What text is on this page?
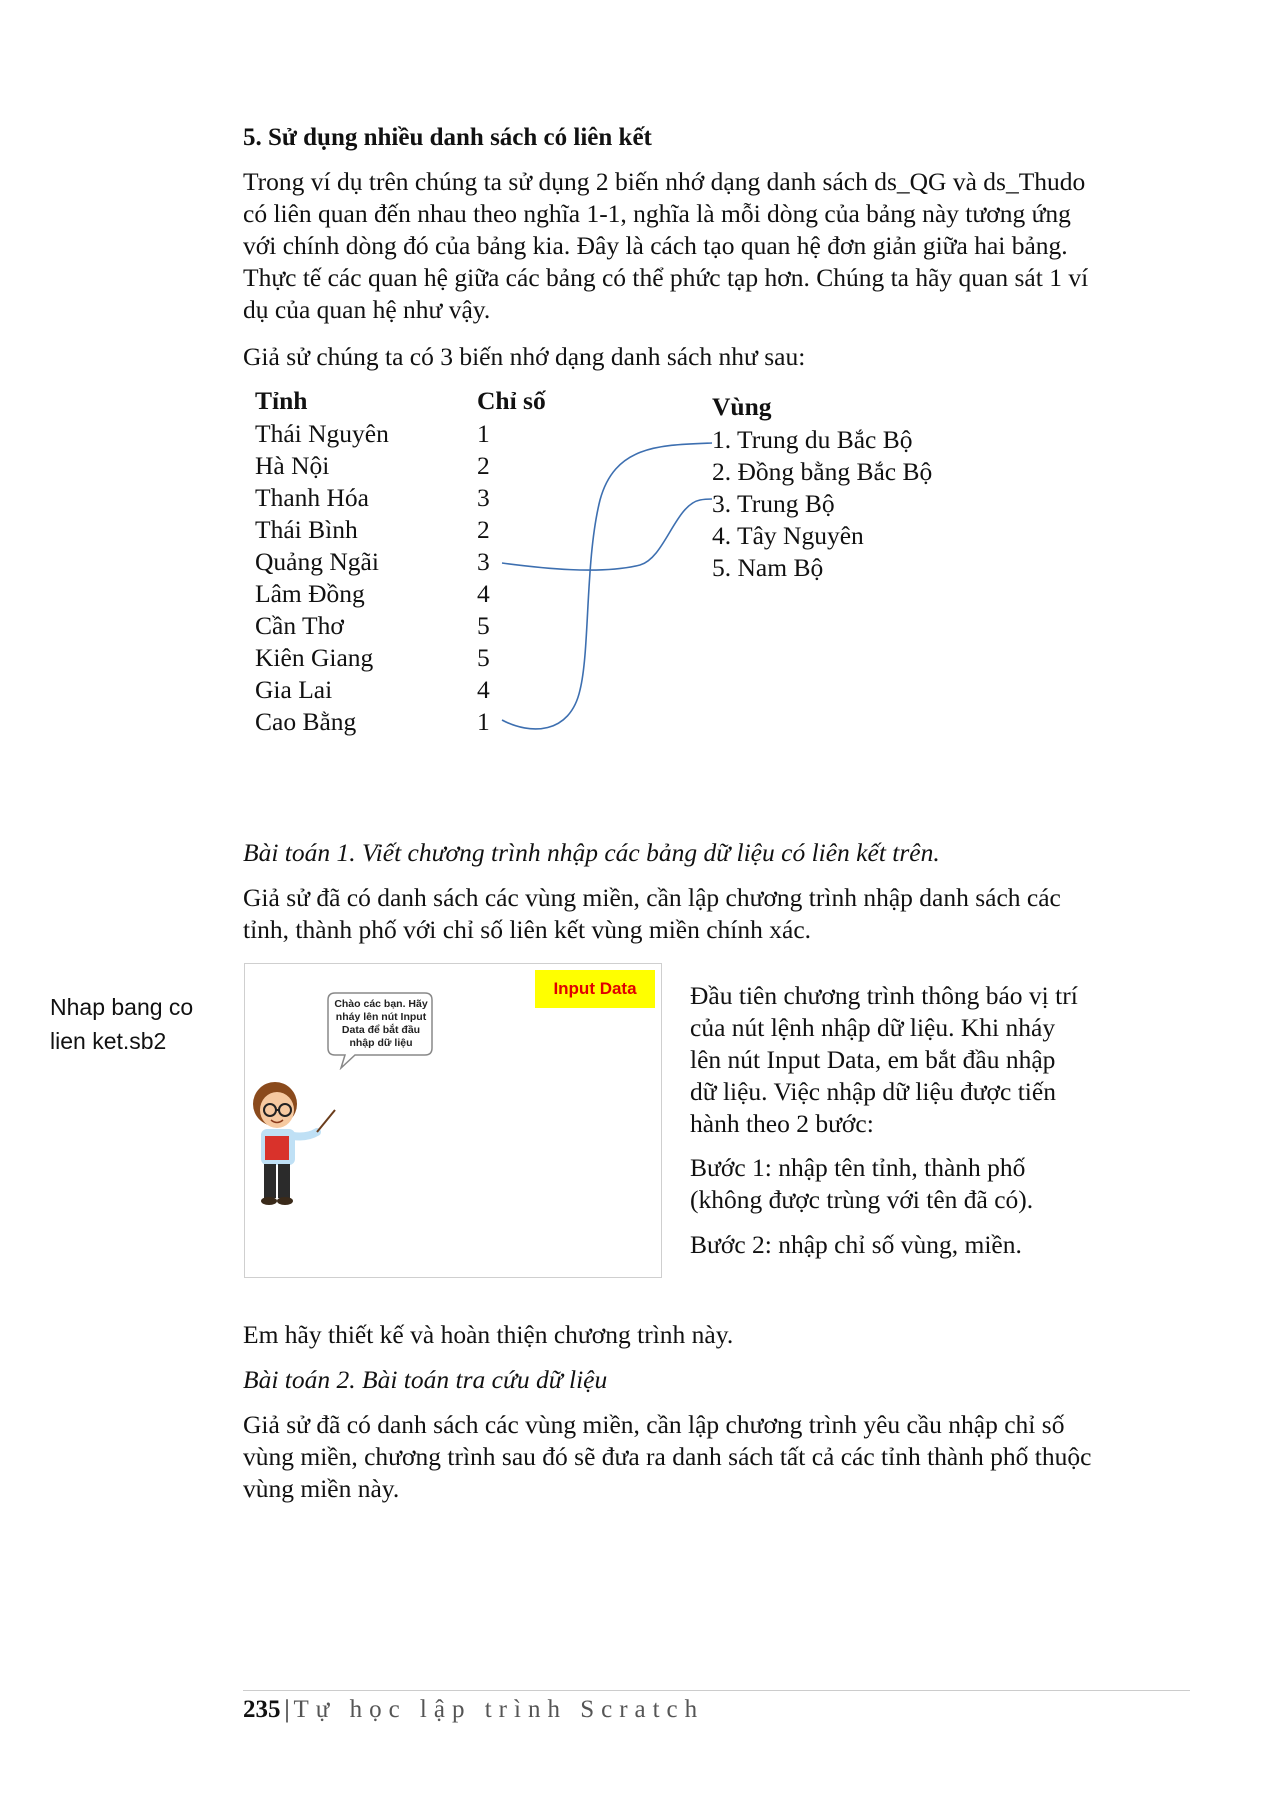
5. Sử dụng nhiều danh sách có liên kết
Trong ví dụ trên chúng ta sử dụng 2 biến nhớ dạng danh sách ds_QG và ds_Thudo
có liên quan đến nhau theo nghĩa 1-1, nghĩa là mỗi dòng của bảng này tương ứng
với chính dòng đó của bảng kia. Đây là cách tạo quan hệ đơn giản giữa hai bảng.
Thực tế các quan hệ giữa các bảng có thể phức tạp hơn. Chúng ta hãy quan sát 1 ví
dụ của quan hệ như vậy.
Giả sử chúng ta có 3 biến nhớ dạng danh sách như sau:
Tỉnh	Chỉ số	Vùng
Thái Nguyên
Hà Nội
Thanh Hóa
Thái Bình
Quảng Ngãi
Lâm Đồng
Cần Thơ
Kiên Giang
Gia Lai
Cao Bằng
1
2
3
2
3
4
5
5
4
1
1. Trung du Bắc Bộ
2. Đồng bằng Bắc Bộ
3. Trung Bộ
4. Tây Nguyên
5. Nam Bộ
Bài toán 1. Viết chương trình nhập các bảng dữ liệu có liên kết trên.
Giả sử đã có danh sách các vùng miền, cần lập chương trình nhập danh sách các
tỉnh, thành phố với chỉ số liên kết vùng miền chính xác.
Nhap bang co
lien ket.sb2
Input Data
Chào các bạn. Hãy
nháy lên nút Input
Data để bắt đầu
nhập dữ liệu
Đầu tiên chương trình thông báo vị trí
của nút lệnh nhập dữ liệu. Khi nháy
lên nút Input Data, em bắt đầu nhập
dữ liệu. Việc nhập dữ liệu được tiến
hành theo 2 bước:
Bước 1: nhập tên tỉnh, thành phố
(không được trùng với tên đã có).
Bước 2: nhập chỉ số vùng, miền.
Em hãy thiết kế và hoàn thiện chương trình này.
Bài toán 2. Bài toán tra cứu dữ liệu
Giả sử đã có danh sách các vùng miền, cần lập chương trình yêu cầu nhập chỉ số
vùng miền, chương trình sau đó sẽ đưa ra danh sách tất cả các tỉnh thành phố thuộc
vùng miền này.
235 | Tự học lập trình Scratch
